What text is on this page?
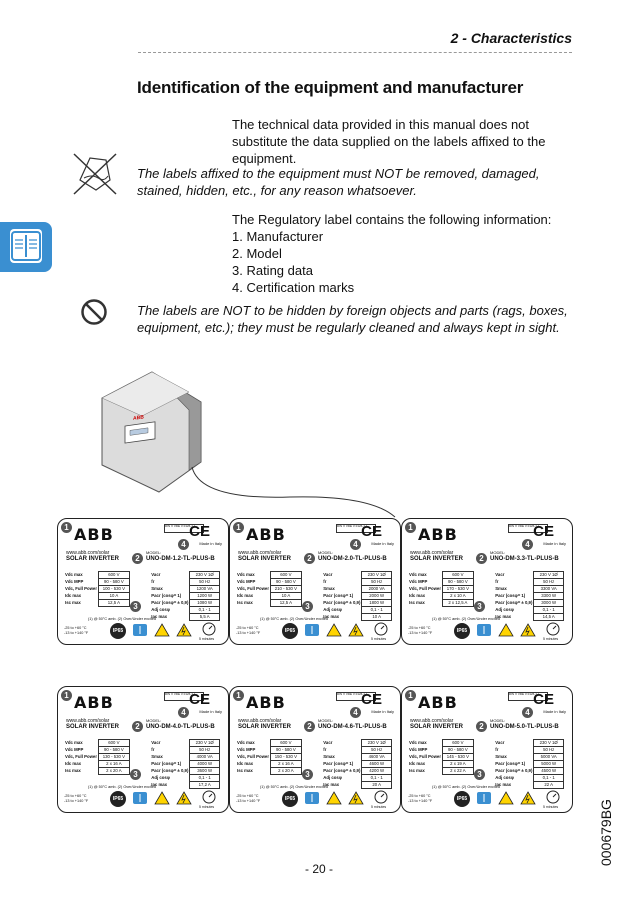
2 - Characteristics
Identification of the equipment and manufacturer
The technical data provided in this manual does not substitute the data supplied on the labels affixed to the equipment.
The labels affixed to the equipment must NOT be removed, damaged, stained, hidden, etc., for any reason whatsoever.
The Regulatory label contains the following information:
1. Manufacturer
2. Model
3. Rating data
4. Certification marks
The labels are NOT to be hidden by foreign objects and parts (rags, boxes, equipment, etc.); they must be regularly cleaned and always kept in sight.
ABB
1 ABB	DIN V VDE V 0126-1-1
CE
4	Made in Italy
www.abb.com/solar
SOLAR INVERTER	2
MODEL:
UNO-DM-1.2-TL-PLUS-B
Vdc max	600 V		Vacr	230 V 1Ø
Vdc MPP	90 - 580 V		fr	50 Hz
Vdc, Full Power	100 - 530 V		Smax	1200 VA
Idc max	10 A		Pacr (cosφ= 1)	1200 W
Isc max	12,5 A		Pacr (cosφ= ± 0,9)	1080 W
			Adj cosφ	0,1 - 1
			Iac max	5,5 A
3
(1) @ 50°C amb. (2) Over/Under excited
-25 to +60 °C
-13 to +140 °F	IP65
5 minutes
1 ABB	DIN V VDE V 0126-1-1
CE
4	Made in Italy
www.abb.com/solar
SOLAR INVERTER	2
MODEL:
UNO-DM-2.0-TL-PLUS-B
Vdc max	600 V		Vacr	230 V 1Ø
Vdc MPP	90 - 580 V		fr	50 Hz
Vdc, Full Power	210 - 530 V		Smax	2000 VA
Idc max	10 A		Pacr (cosφ= 1)	2000 W
Isc max	12,5 A		Pacr (cosφ= ± 0,9)	1800 W
			Adj cosφ	0,1 - 1
			Iac max	10 A
3
(1) @ 50°C amb. (2) Over/Under excited
-25 to +60 °C
-13 to +140 °F	IP65
5 minutes
1 ABB	DIN V VDE V 0126-1-1
CE
4	Made in Italy
www.abb.com/solar
SOLAR INVERTER	2
MODEL:
UNO-DM-3.3-TL-PLUS-B
Vdc max	600 V		Vacr	230 V 1Ø
Vdc MPP	90 - 580 V		fr	50 Hz
Vdc, Full Power	170 - 530 V		Smax	3300 VA
Idc max	2 x 10 A		Pacr (cosφ= 1)	3300 W
Isc max	2 x 12,5 A		Pacr (cosφ= ± 0,9)	3000 W
			Adj cosφ	0,1 - 1
			Iac max	14,5 A
3
(1) @ 50°C amb. (2) Over/Under excited
-25 to +60 °C
-13 to +140 °F	IP65
5 minutes
1 ABB	DIN V VDE V 0126-1-1
CE
4	Made in Italy
www.abb.com/solar
SOLAR INVERTER	2
MODEL:
UNO-DM-4.0-TL-PLUS-B
Vdc max	600 V		Vacr	230 V 1Ø
Vdc MPP	90 - 580 V		fr	50 Hz
Vdc, Full Power	130 - 530 V		Smax	4000 VA
Idc max	2 x 16 A		Pacr (cosφ= 1)	4000 W
Isc max	2 x 20 A		Pacr (cosφ= ± 0,9)	3600 W
			Adj cosφ	0,1 - 1
			Iac max	17,2 A
3
(1) @ 50°C amb. (2) Over/Under excited
-25 to +60 °C
-13 to +140 °F	IP65
5 minutes
1 ABB	DIN V VDE V 0126-1-1
CE
4	Made in Italy
www.abb.com/solar
SOLAR INVERTER	2
MODEL:
UNO-DM-4.6-TL-PLUS-B
Vdc max	600 V		Vacr	230 V 1Ø
Vdc MPP	90 - 580 V		fr	50 Hz
Vdc, Full Power	150 - 530 V		Smax	4600 VA
Idc max	2 x 16 A		Pacr (cosφ= 1)	4600 W
Isc max	2 x 20 A		Pacr (cosφ= ± 0,9)	4200 W
			Adj cosφ	0,1 - 1
			Iac max	20 A
3
(1) @ 50°C amb. (2) Over/Under excited
-25 to +60 °C
-13 to +140 °F	IP65
5 minutes
1 ABB	DIN V VDE V 0126-1-1
CE
4	Made in Italy
www.abb.com/solar
SOLAR INVERTER	2
MODEL:
UNO-DM-5.0-TL-PLUS-B
Vdc max	600 V		Vacr	230 V 1Ø
Vdc MPP	90 - 580 V		fr	50 Hz
Vdc, Full Power	145 - 530 V		Smax	5000 VA
Idc max	2 x 19 A		Pacr (cosφ= 1)	5000 W
Isc max	2 x 22 A		Pacr (cosφ= ± 0,9)	4500 W
			Adj cosφ	0,1 - 1
			Iac max	22 A
3
(1) @ 50°C amb. (2) Over/Under excited
-25 to +60 °C
-13 to +140 °F	IP65
5 minutes	000679BG
- 20 -
